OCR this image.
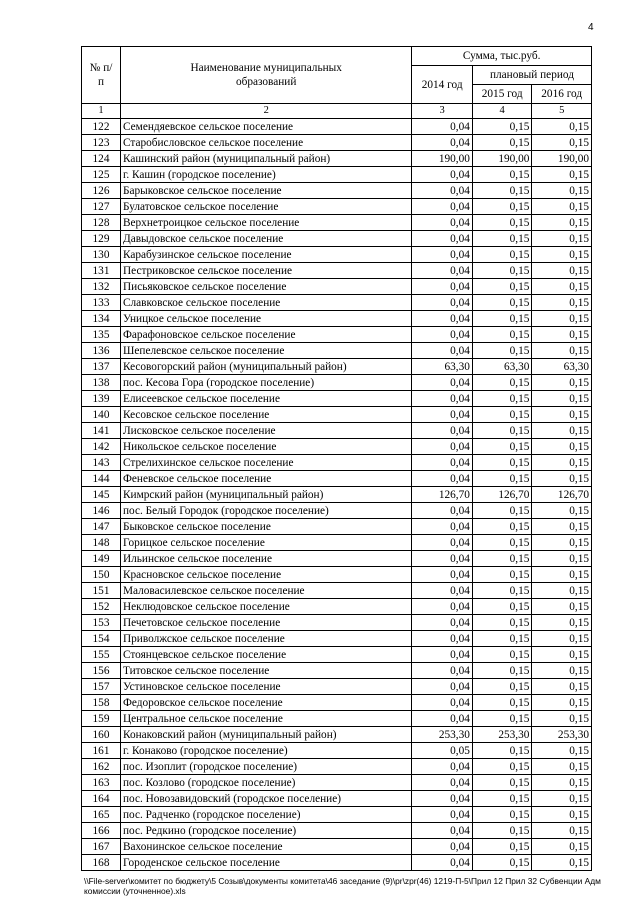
4
№ п/п	Наименование муниципальных образований	Сумма, тыс.руб.		
		2014 год	плановый период	
			2015 год	2016 год
1	2	3	4	5
122	Семендяевское сельское поселение	0,04	0,15	0,15
123	Старобисловское сельское поселение	0,04	0,15	0,15
124	Кашинский район (муниципальный район)	190,00	190,00	190,00
125	г. Кашин (городское поселение)	0,04	0,15	0,15
126	Барыковское сельское поселение	0,04	0,15	0,15
127	Булатовское сельское поселение	0,04	0,15	0,15
128	Верхнетроицкое сельское поселение	0,04	0,15	0,15
129	Давыдовское сельское поселение	0,04	0,15	0,15
130	Карабузинское сельское поселение	0,04	0,15	0,15
131	Пестриковское сельское поселение	0,04	0,15	0,15
132	Письяковское сельское поселение	0,04	0,15	0,15
133	Славковское сельское поселение	0,04	0,15	0,15
134	Уницкое сельское поселение	0,04	0,15	0,15
135	Фарафоновское сельское поселение	0,04	0,15	0,15
136	Шепелевское сельское поселение	0,04	0,15	0,15
137	Кесовогорский район (муниципальный район)	63,30	63,30	63,30
138	пос. Кесова Гора (городское поселение)	0,04	0,15	0,15
139	Елисеевское сельское поселение	0,04	0,15	0,15
140	Кесовское сельское поселение	0,04	0,15	0,15
141	Лисковское сельское поселение	0,04	0,15	0,15
142	Никольское сельское поселение	0,04	0,15	0,15
143	Стрелихинское сельское поселение	0,04	0,15	0,15
144	Феневское сельское поселение	0,04	0,15	0,15
145	Кимрский район (муниципальный район)	126,70	126,70	126,70
146	пос. Белый Городок (городское поселение)	0,04	0,15	0,15
147	Быковское сельское поселение	0,04	0,15	0,15
148	Горицкое сельское поселение	0,04	0,15	0,15
149	Ильинское сельское поселение	0,04	0,15	0,15
150	Красновское сельское поселение	0,04	0,15	0,15
151	Маловасилевское сельское поселение	0,04	0,15	0,15
152	Неклюдовское сельское поселение	0,04	0,15	0,15
153	Печетовское сельское поселение	0,04	0,15	0,15
154	Приволжское сельское поселение	0,04	0,15	0,15
155	Стоянцевское сельское поселение	0,04	0,15	0,15
156	Титовское сельское поселение	0,04	0,15	0,15
157	Устиновское сельское поселение	0,04	0,15	0,15
158	Федоровское сельское поселение	0,04	0,15	0,15
159	Центральное сельское поселение	0,04	0,15	0,15
160	Конаковский район (муниципальный район)	253,30	253,30	253,30
161	г. Конаково (городское поселение)	0,05	0,15	0,15
162	пос. Изоплит (городское поселение)	0,04	0,15	0,15
163	пос. Козлово (городское поселение)	0,04	0,15	0,15
164	пос. Новозавидовский (городское поселение)	0,04	0,15	0,15
165	пос. Радченко (городское поселение)	0,04	0,15	0,15
166	пос. Редкино (городское поселение)	0,04	0,15	0,15
167	Вахонинское сельское поселение	0,04	0,15	0,15
168	Городенское сельское поселение	0,04	0,15	0,15
\\File-server\комитет по бюджету\5 Созыв\документы комитета\46 заседание (9)\pr\zpr(46) 1219-П-5\Прил 12 Прил 32 Субвенции Адм комиссии (уточненное).xls
